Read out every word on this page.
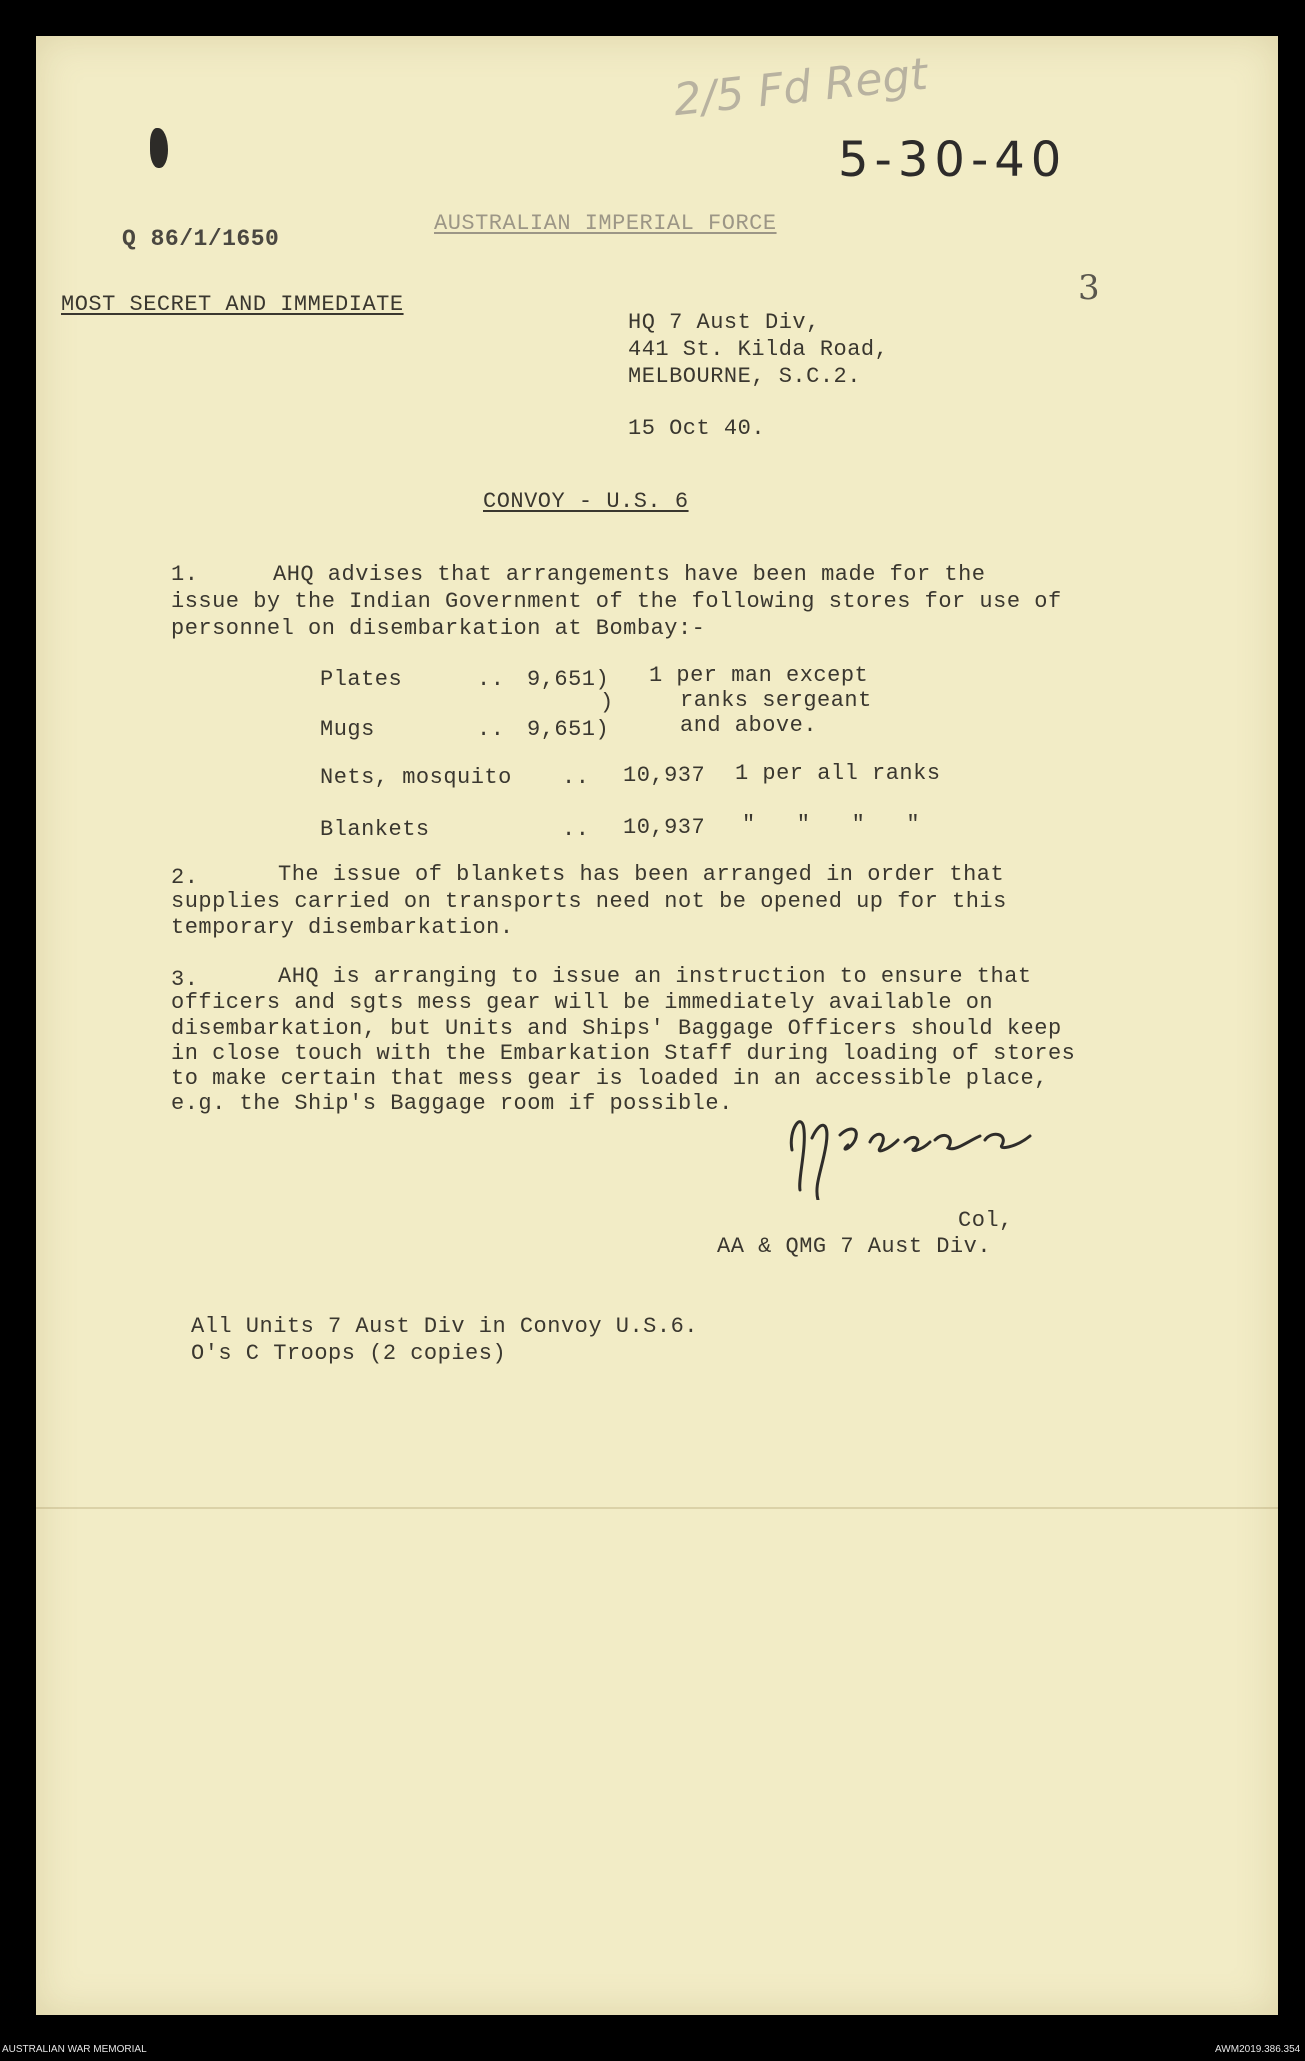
2/5 Fd Regt
5-30-40
3
Q 86/1/1650
AUSTRALIAN IMPERIAL FORCE
MOST SECRET AND IMMEDIATE
HQ 7 Aust Div,
441 St. Kilda Road,
MELBOURNE, S.C.2.
15 Oct 40.
CONVOY - U.S. 6
1.	AHQ advises that arrangements have been made for the
issue by the Indian Government of the following stores for use of
personnel on disembarkation at Bombay:-
Plates	.. 9,651) 1 per man except
)	ranks sergeant
Mugs	.. 9,651)	and above.
Nets, mosquito .. 10,937 1 per all ranks
Blankets	.. 10,937 "   "   "   "
2.	The issue of blankets has been arranged in order that
supplies carried on transports need not be opened up for this
temporary disembarkation.
3.	AHQ is arranging to issue an instruction to ensure that
officers and sgts mess gear will be immediately available on
disembarkation, but Units and Ships' Baggage Officers should keep
in close touch with the Embarkation Staff during loading of stores
to make certain that mess gear is loaded in an accessible place,
e.g. the Ship's Baggage room if possible.
Col,
AA & QMG 7 Aust Div.
All Units 7 Aust Div in Convoy U.S.6.
O's C Troops (2 copies)
AUSTRALIAN WAR MEMORIAL	AWM2019.386.354
